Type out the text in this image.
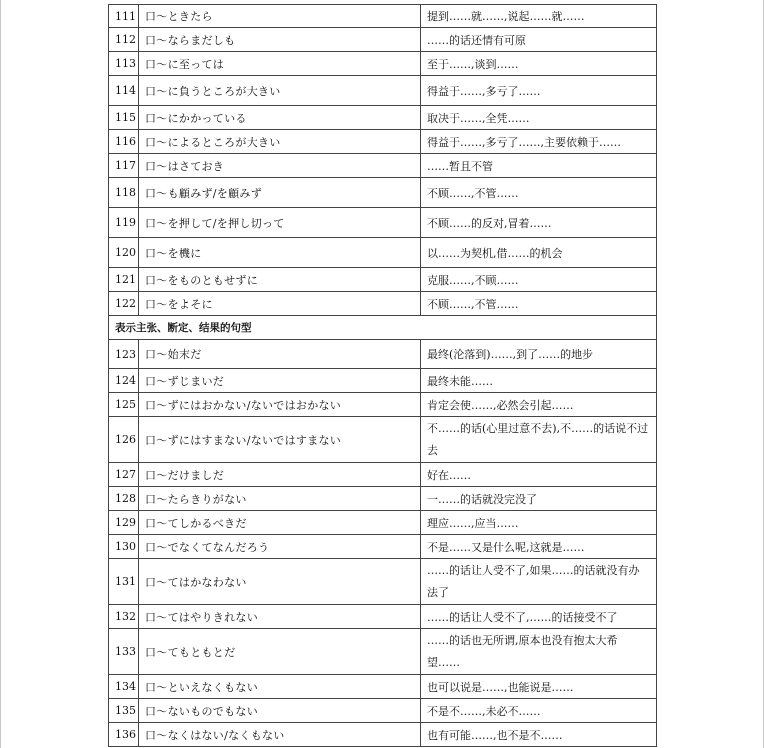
111	口～ときたら	提到……就……,说起……就……
112	口～ならまだしも	……的话还情有可原
113	口～に至っては	至于……,谈到……
114	口～に負うところが大きい	得益于……,多亏了……
115	口～にかかっている	取决于……,全凭……
116	口～によるところが大きい	得益于……,多亏了……,主要依赖于……
117	口～はさておき	……暂且不管
118	口～も顧みず/を顧みず	不顾……,不管……
119	口～を押して/を押し切って	不顾……的反对,冒着……
120	口～を機に	以……为契机,借……的机会
121	口～をものともせずに	克服……,不顾……
122	口～をよそに	不顾……,不管……
表示主张、断定、结果的句型		
123	口～始末だ	最终(沦落到)……,到了……的地步
124	口～ずじまいだ	最终未能……
125	口～ずにはおかない/ないではおかない	肯定会使……,必然会引起……
126	口～ずにはすまない/ないではすまない	不……的话(心里过意不去),不……的话说不过去
127	口～だけましだ	好在……
128	口～たらきりがない	一……的话就没完没了
129	口～てしかるべきだ	理应……,应当……
130	口～でなくてなんだろう	不是……又是什么呢,这就是……
131	口～てはかなわない	……的话让人受不了,如果……的话就没有办法了
132	口～てはやりきれない	……的话让人受不了,……的话接受不了
133	口～てもともとだ	……的话也无所谓,原本也没有抱太大希望……
134	口～といえなくもない	也可以说是……,也能说是……
135	口～ないものでもない	不是不……,未必不……
136	口～なくはない/なくもない	也有可能……,也不是不……
